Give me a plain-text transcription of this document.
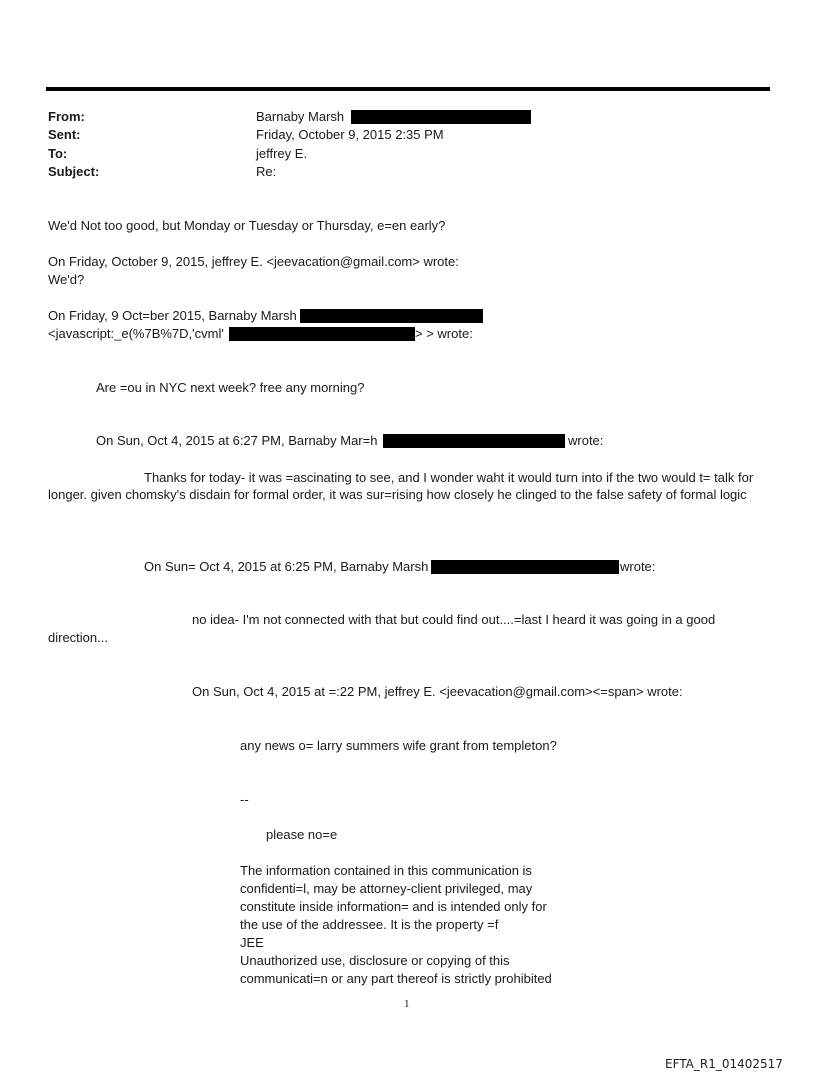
From:	Barnaby Marsh
Sent:	Friday, October 9, 2015 2:35 PM
To:	jeffrey E.
Subject:	Re:
We'd Not too good, but Monday or Tuesday or Thursday, e=en early?
On Friday, October 9, 2015, jeffrey E. <jeevacation@gmail.com> wrote:
We'd?
On Friday, 9 Oct=ber 2015, Barnaby Marsh
<javascript:_e(%7B%7D,'cvml'	> > wrote:
Are =ou in NYC next week? free any morning?
On Sun, Oct 4, 2015 at 6:27 PM, Barnaby Mar=h	wrote:
Thanks for today- it was =ascinating to see, and I wonder waht it would turn into if the two would t= talk for longer. given chomsky's disdain for formal order, it was sur=rising how closely he clinged to the false safety of formal logic
On Sun= Oct 4, 2015 at 6:25 PM, Barnaby Marsh	wrote:
no idea- I'm not connected with that but could find out....=last I heard it was going in a good
direction...
On Sun, Oct 4, 2015 at =:22 PM, jeffrey E. <jeevacation@gmail.com><=span> wrote:
any news o= larry summers wife grant from templeton?
--
please no=e
The information contained in this communication is
confidenti=l, may be attorney-client privileged, may
constitute inside information= and is intended only for
the use of the addressee. It is the property =f
JEE
Unauthorized use, disclosure or copying of this
communicati=n or any part thereof is strictly prohibited
1
EFTA_R1_01402517
